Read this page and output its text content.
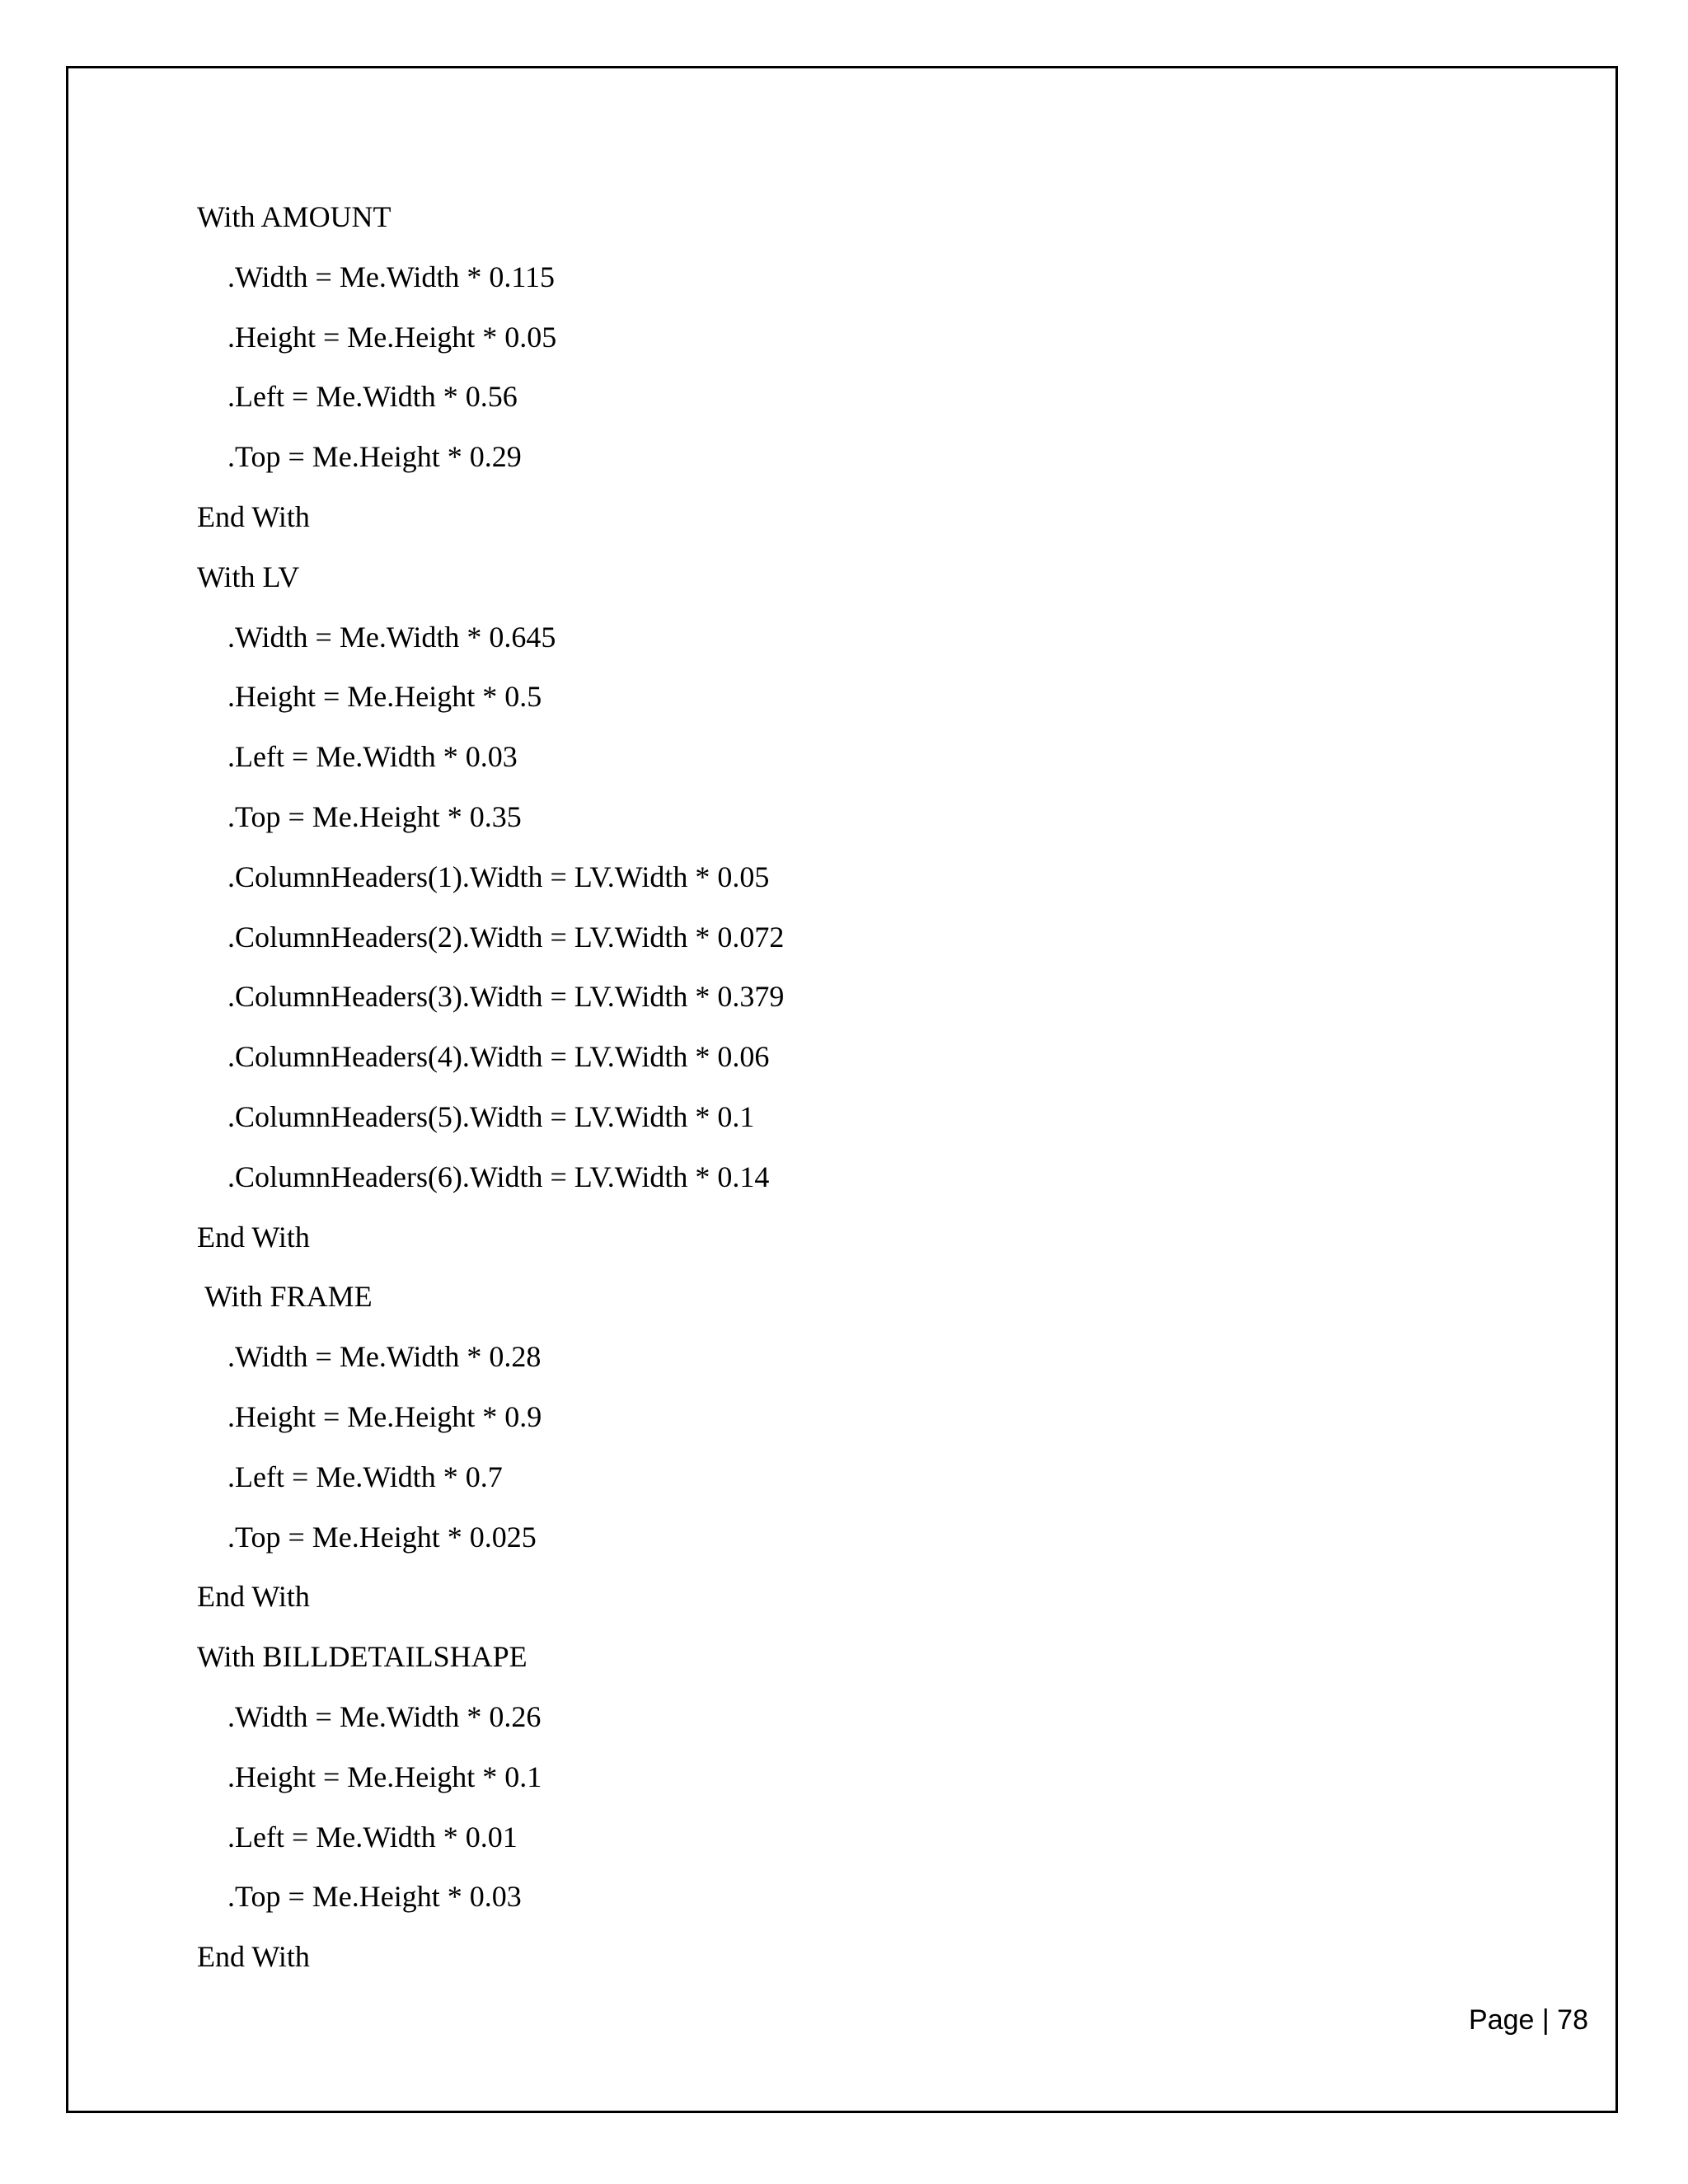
With AMOUNT
.Width = Me.Width * 0.115
.Height = Me.Height * 0.05
.Left = Me.Width * 0.56
.Top = Me.Height * 0.29
End With
With LV
.Width = Me.Width * 0.645
.Height = Me.Height * 0.5
.Left = Me.Width * 0.03
.Top = Me.Height * 0.35
.ColumnHeaders(1).Width = LV.Width * 0.05
.ColumnHeaders(2).Width = LV.Width * 0.072
.ColumnHeaders(3).Width = LV.Width * 0.379
.ColumnHeaders(4).Width = LV.Width * 0.06
.ColumnHeaders(5).Width = LV.Width * 0.1
.ColumnHeaders(6).Width = LV.Width * 0.14
End With
With FRAME
.Width = Me.Width * 0.28
.Height = Me.Height * 0.9
.Left = Me.Width * 0.7
.Top = Me.Height * 0.025
End With
With BILLDETAILSHAPE
.Width = Me.Width * 0.26
.Height = Me.Height * 0.1
.Left = Me.Width * 0.01
.Top = Me.Height * 0.03
End With
Page | 78
